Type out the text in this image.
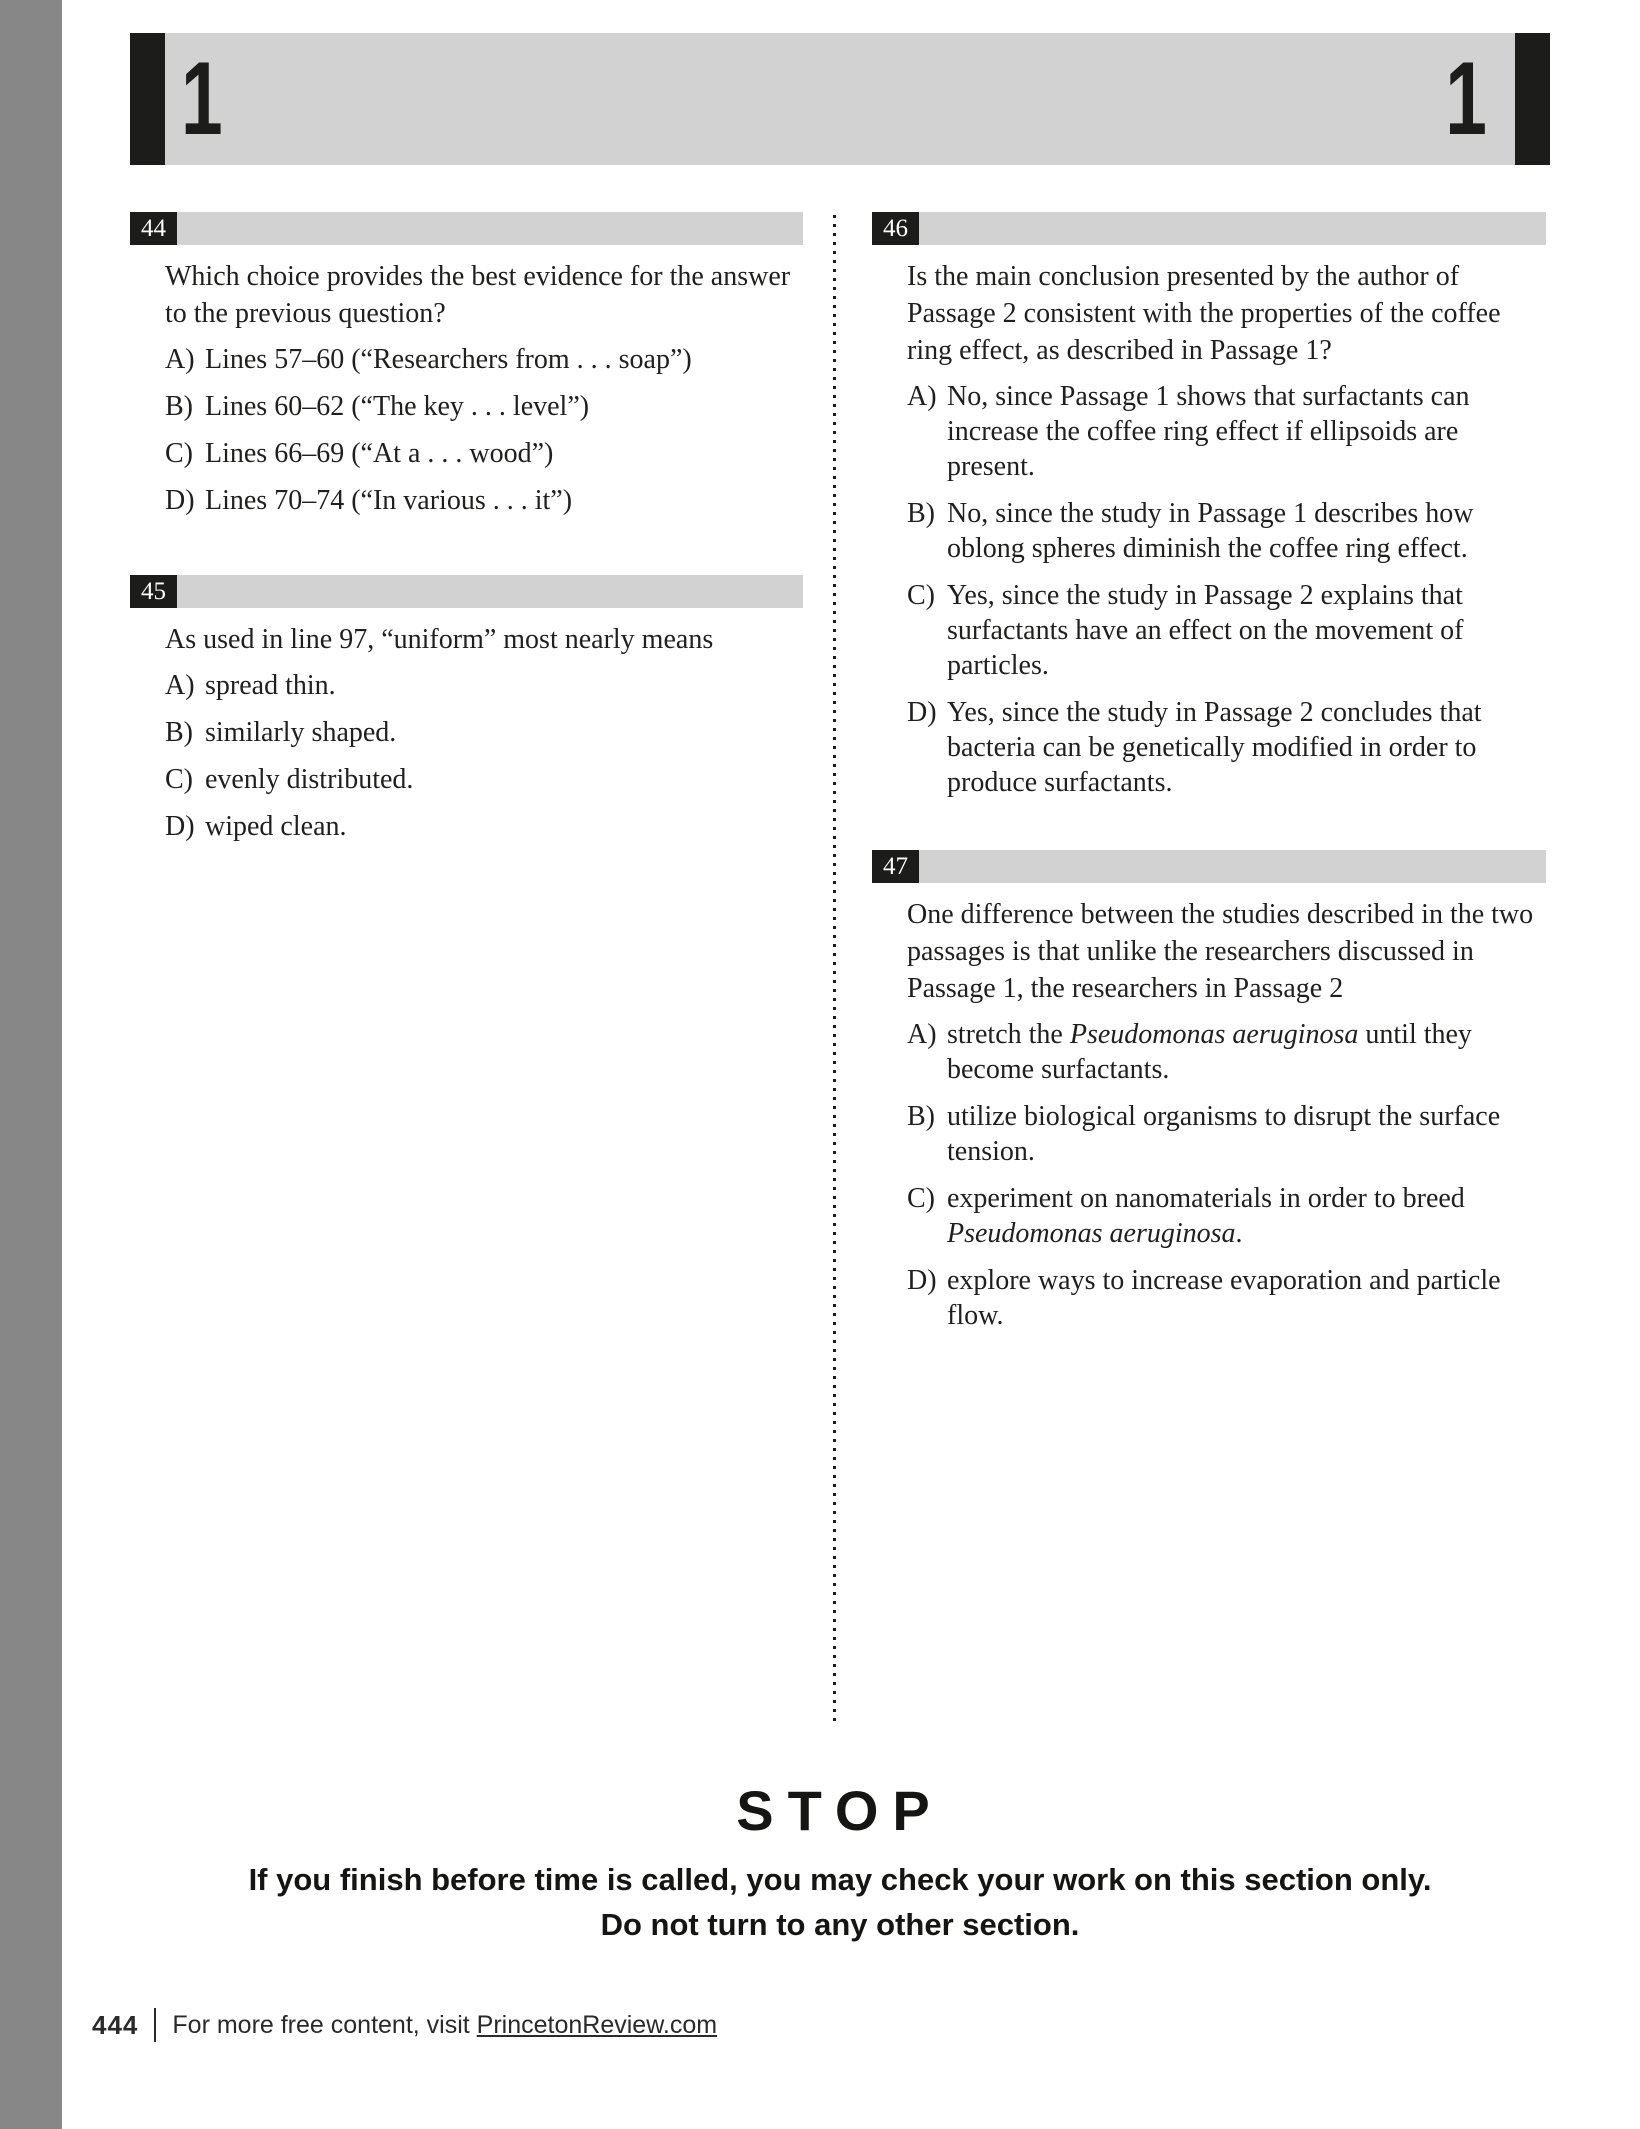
1	1
44

Which choice provides the best evidence for the answer to the previous question?

A) Lines 57–60 (“Researchers from . . . soap”)
B) Lines 60–62 (“The key . . . level”)
C) Lines 66–69 (“At a . . . wood”)
D) Lines 70–74 (“In various . . . it”)
45

As used in line 97, “uniform” most nearly means

A) spread thin.
B) similarly shaped.
C) evenly distributed.
D) wiped clean.
46

Is the main conclusion presented by the author of Passage 2 consistent with the properties of the coffee ring effect, as described in Passage 1?

A) No, since Passage 1 shows that surfactants can increase the coffee ring effect if ellipsoids are present.
B) No, since the study in Passage 1 describes how oblong spheres diminish the coffee ring effect.
C) Yes, since the study in Passage 2 explains that surfactants have an effect on the movement of particles.
D) Yes, since the study in Passage 2 concludes that bacteria can be genetically modified in order to produce surfactants.
47

One difference between the studies described in the two passages is that unlike the researchers discussed in Passage 1, the researchers in Passage 2

A) stretch the Pseudomonas aeruginosa until they become surfactants.
B) utilize biological organisms to disrupt the surface tension.
C) experiment on nanomaterials in order to breed Pseudomonas aeruginosa.
D) explore ways to increase evaporation and particle flow.
STOP

If you finish before time is called, you may check your work on this section only.

Do not turn to any other section.

444 For more free content, visit PrincetonReview.com
